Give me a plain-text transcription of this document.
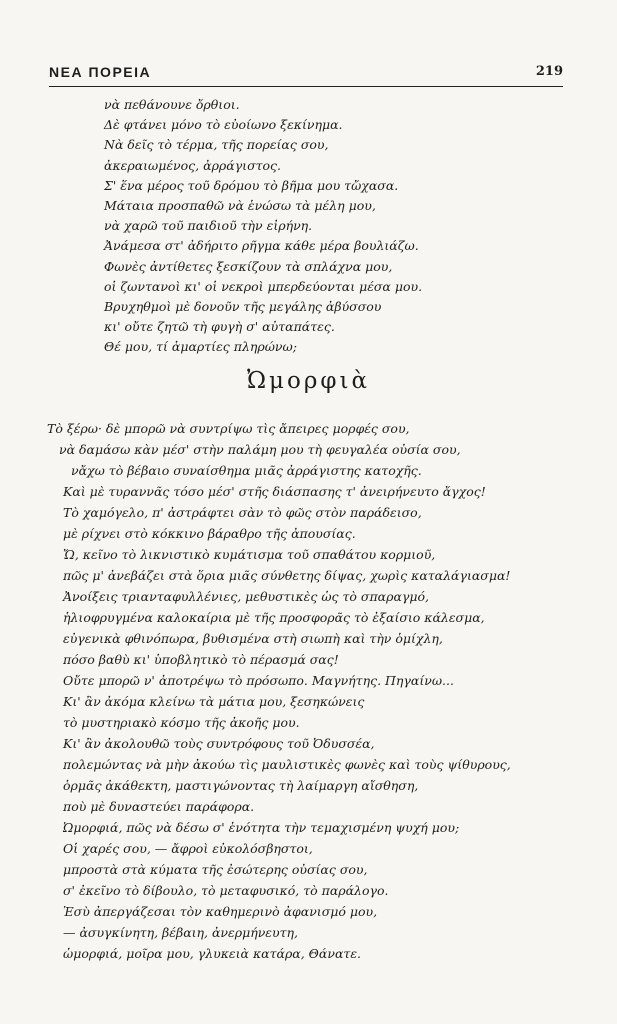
ΝΕΑ ΠΟΡΕΙΑ	219
νὰ πεθάνουνε ὄρθιοι.
Δὲ φτάνει μόνο τὸ εὐοίωνο ξεκίνημα.
Νὰ δεῖς τὸ τέρμα, τῆς πορείας σου,
ἀκεραιωμένος, ἀρράγιστος.
Σ' ἕνα μέρος τοῦ δρόμου τὸ βῆμα μου τὤχασα.
Μάταια προσπαθῶ νὰ ἑνώσω τὰ μέλη μου,
νὰ χαρῶ τοῦ παιδιοῦ τὴν εἰρήνη.
Ἀνάμεσα στ' ἀδήριτο ρῆγμα κάθε μέρα βουλιάζω.
Φωνὲς ἀντίθετες ξεσκίζουν τὰ σπλάχνα μου,
οἱ ζωντανοὶ κι' οἱ νεκροὶ μπερδεύονται μέσα μου.
Βρυχηθμοὶ μὲ δονοῦν τῆς μεγάλης ἀβύσσου
κι' οὔτε ζητῶ τὴ φυγὴ σ' αὐταπάτες.
Θέ μου, τί ἁμαρτίες πληρώνω;
Ὠμορφιὰ
Τὸ ξέρω· δὲ μπορῶ νὰ συντρίψω τὶς ἄπειρες μορφές σου,
νὰ δαμάσω κὰν μέσ' στὴν παλάμη μου τὴ φευγαλέα οὐσία σου,
νἄχω τὸ βέβαιο συναίσθημα μιᾶς ἀρράγιστης κατοχῆς.
Καὶ μὲ τυραννᾶς τόσο μέσ' στῆς διάσπασης τ' ἀνειρήνευτο ἄγχος!
Τὸ χαμόγελο, π' ἀστράφτει σὰν τὸ φῶς στὸν παράδεισο,
μὲ ρίχνει στὸ κόκκινο βάραθρο τῆς ἀπουσίας.
Ὤ, κεῖνο τὸ λικνιστικὸ κυμάτισμα τοῦ σπαθάτου κορμιοῦ,
πῶς μ' ἀνεβάζει στὰ ὅρια μιᾶς σύνθετης δίψας, χωρὶς καταλάγιασμα!
Ἀνοίξεις τριανταφυλλένιες, μεθυστικὲς ὡς τὸ σπαραγμό,
ἡλιοφρυγμένα καλοκαίρια μὲ τῆς προσφορᾶς τὸ ἐξαίσιο κάλεσμα,
εὐγενικὰ φθινόπωρα, βυθισμένα στὴ σιωπὴ καὶ τὴν ὁμίχλη,
πόσο βαθὺ κι' ὑποβλητικὸ τὸ πέρασμά σας!
Οὔτε μπορῶ ν' ἀποτρέψω τὸ πρόσωπο. Μαγνήτης. Πηγαίνω...
Κι' ἂν ἀκόμα κλείνω τὰ μάτια μου, ξεσηκώνεις
τὸ μυστηριακὸ κόσμο τῆς ἀκοῆς μου.
Κι' ἂν ἀκολουθῶ τοὺς συντρόφους τοῦ Ὀδυσσέα,
πολεμώντας νὰ μὴν ἀκούω τὶς μαυλιστικὲς φωνὲς καὶ τοὺς ψίθυρους,
ὁρμᾶς ἀκάθεκτη, μαστιγώνοντας τὴ λαίμαργη αἴσθηση,
ποὺ μὲ δυναστεύει παράφορα.
Ὠμορφιά, πῶς νὰ δέσω σ' ἑνότητα τὴν τεμαχισμένη ψυχή μου;
Οἱ χαρές σου, — ἄφροὶ εὐκολόσβηστοι,
μπροστὰ στὰ κύματα τῆς ἐσώτερης οὐσίας σου,
σ' ἐκεῖνο τὸ δίβουλο, τὸ μεταφυσικό, τὸ παράλογο.
Ἐσὺ ἀπεργάζεσαι τὸν καθημερινὸ ἀφανισμό μου,
— ἀσυγκίνητη, βέβαιη, ἀνερμήνευτη,
ὡμορφιά, μοῖρα μου, γλυκειὰ κατάρα, Θάνατε.
